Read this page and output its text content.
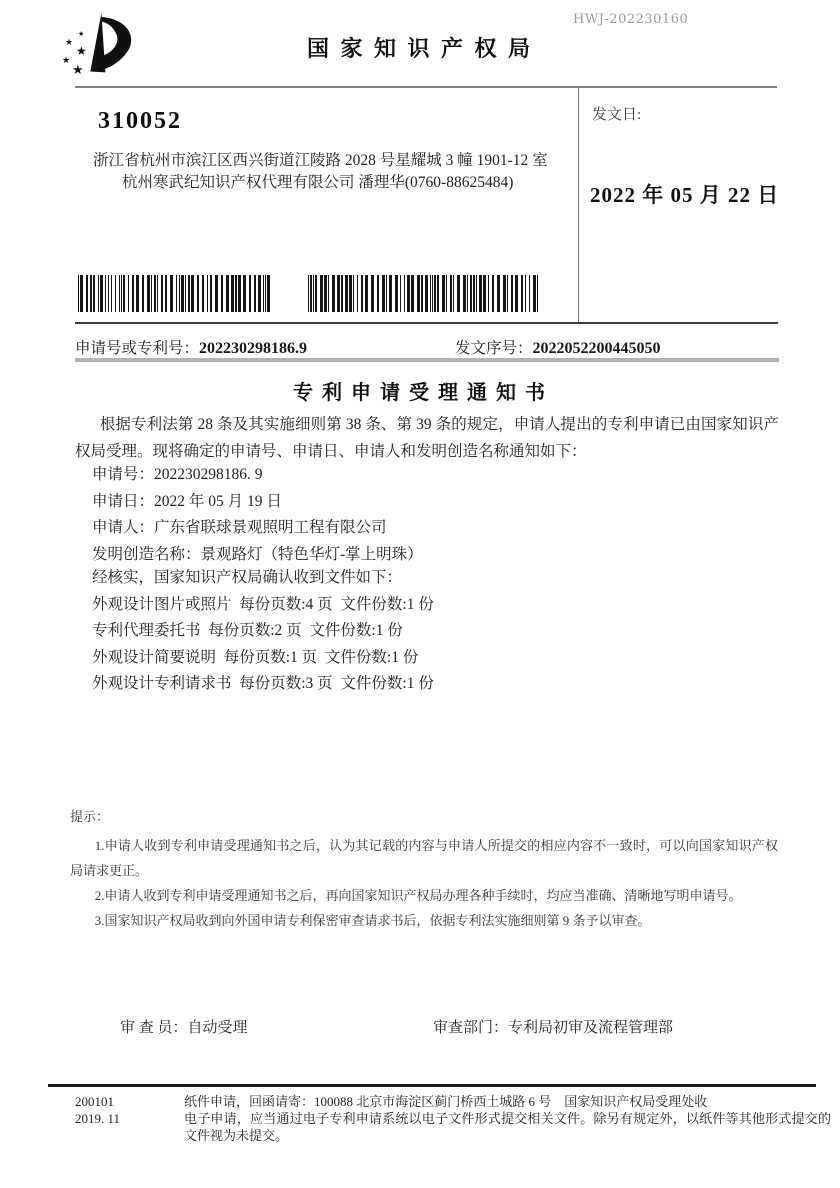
HWJ-202230160
★
★
★
★
★
国 家 知 识 产 权 局
310052
浙江省杭州市滨江区西兴街道江陵路 2028 号星耀城 3 幢 1901-12 室
杭州寒武纪知识产权代理有限公司 潘理华(0760-88625484)
发文日:
2022 年 05 月 22 日
申请号或专利号：202230298186.9	发文序号：2022052200445050
专 利 申 请 受 理 通 知 书
根据专利法第 28 条及其实施细则第 38 条、第 39 条的规定，申请人提出的专利申请已由国家知识产权局受理。现将确定的申请号、申请日、申请人和发明创造名称通知如下：
申请号：202230298186. 9
申请日：2022 年 05 月 19 日
申请人：广东省联球景观照明工程有限公司
发明创造名称：景观路灯（特色华灯-掌上明珠）
经核实，国家知识产权局确认收到文件如下：
外观设计图片或照片  每份页数:4 页  文件份数:1 份
专利代理委托书  每份页数:2 页  文件份数:1 份
外观设计简要说明  每份页数:1 页  文件份数:1 份
外观设计专利请求书  每份页数:3 页  文件份数:1 份
提示：

1.申请人收到专利申请受理通知书之后，认为其记载的内容与申请人所提交的相应内容不一致时，可以向国家知识产权局请求更正。

2.申请人收到专利申请受理通知书之后，再向国家知识产权局办理各种手续时，均应当准确、清晰地写明申请号。

3.国家知识产权局收到向外国申请专利保密审查请求书后，依据专利法实施细则第 9 条予以审查。

审 查 员：自动受理	审查部门：专利局初审及流程管理部
200101	纸件申请，回函请寄：100088 北京市海淀区蓟门桥西土城路 6 号　国家知识产权局受理处收
2019. 11	电子申请，应当通过电子专利申请系统以电子文件形式提交相关文件。除另有规定外，以纸件等其他形式提交的文件视为未提交。
